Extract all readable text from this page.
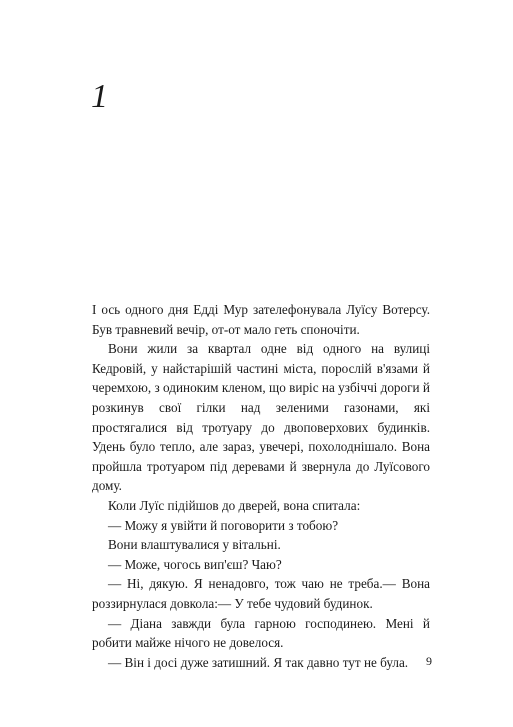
1

І ось одного дня Едді Мур зателефонувала Луїсу Вотерсу. Був травневий вечір, от-от мало геть споночіти.

Вони жили за квартал одне від одного на вулиці Кедровій, у найстарішій частині міста, порослій в'язами й черемхою, з одиноким кленом, що виріс на узбіччі дороги й розкинув свої гілки над зеленими газонами, які простягалися від тротуару до двоповерхових будинків. Удень було тепло, але зараз, увечері, похолоднішало. Вона пройшла тротуаром під деревами й звернула до Луїсового дому.

Коли Луїс підійшов до дверей, вона спитала:

— Можу я увійти й поговорити з тобою?

Вони влаштувалися у вітальні.

— Може, чогось вип'єш? Чаю?

— Ні, дякую. Я ненадовго, тож чаю не треба.— Вона роззирнулася довкола:— У тебе чудовий будинок.

— Діана завжди була гарною господинею. Мені й робити майже нічого не довелося.

— Він і досі дуже затишний. Я так давно тут не була.	9
